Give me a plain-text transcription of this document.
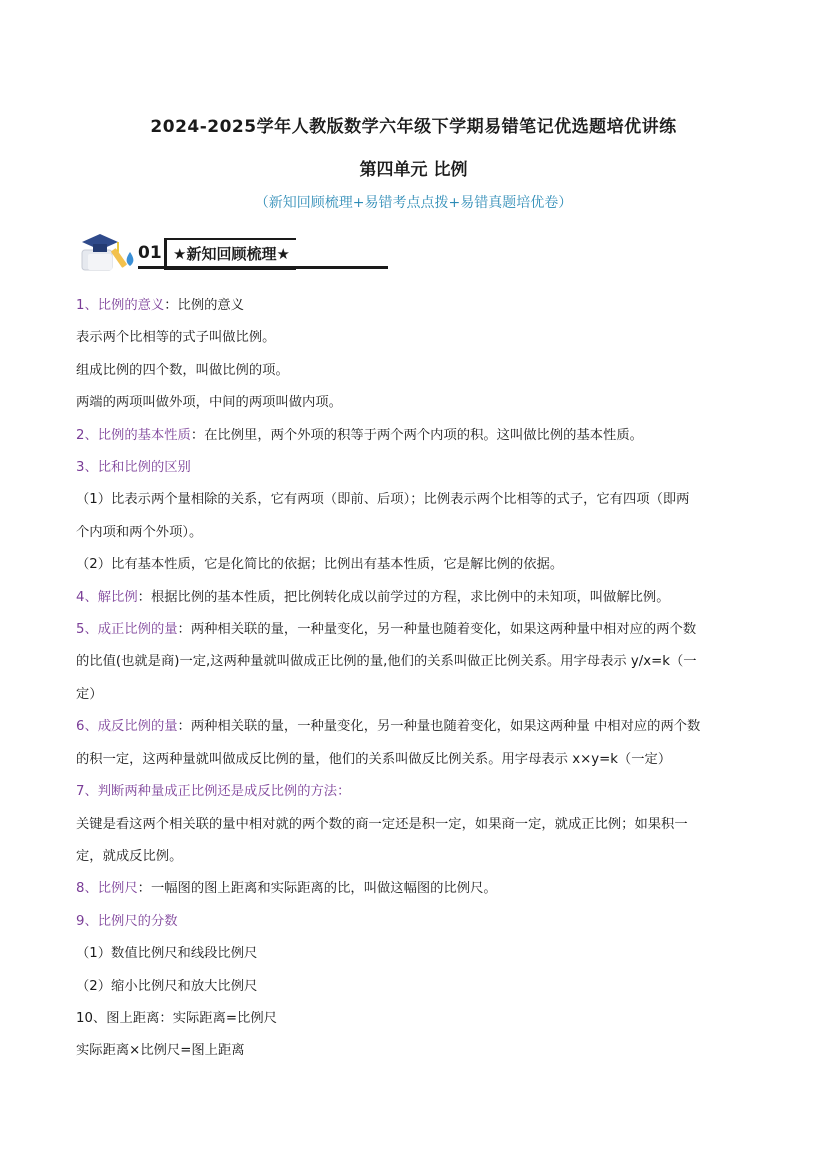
2024-2025学年人教版数学六年级下学期易错笔记优选题培优讲练
第四单元 比例
（新知回顾梳理+易错考点点拨+易错真题培优卷）
01 ★新知回顾梳理★
1、比例的意义：比例的意义
表示两个比相等的式子叫做比例。
组成比例的四个数，叫做比例的项。
两端的两项叫做外项，中间的两项叫做内项。
2、比例的基本性质：在比例里，两个外项的积等于两个两个内项的积。这叫做比例的基本性质。
3、比和比例的区别
（1）比表示两个量相除的关系，它有两项（即前、后项）；比例表示两个比相等的式子，它有四项（即两
个内项和两个外项）。
（2）比有基本性质，它是化简比的依据；比例出有基本性质，它是解比例的依据。
4、解比例：根据比例的基本性质，把比例转化成以前学过的方程，求比例中的未知项，叫做解比例。
5、成正比例的量：两种相关联的量，一种量变化，另一种量也随着变化，如果这两种量中相对应的两个数
的比值(也就是商)一定,这两种量就叫做成正比例的量,他们的关系叫做正比例关系。用字母表示 y/x=k（一
定）
6、成反比例的量：两种相关联的量，一种量变化，另一种量也随着变化，如果这两种量 中相对应的两个数
的积一定，这两种量就叫做成反比例的量，他们的关系叫做反比例关系。用字母表示 x×y=k（一定）
7、判断两种量成正比例还是成反比例的方法：
关键是看这两个相关联的量中相对就的两个数的商一定还是积一定，如果商一定，就成正比例；如果积一
定，就成反比例。
8、比例尺：一幅图的图上距离和实际距离的比，叫做这幅图的比例尺。
9、比例尺的分数
（1）数值比例尺和线段比例尺
（2）缩小比例尺和放大比例尺
10、图上距离：实际距离=比例尺
实际距离×比例尺=图上距离
